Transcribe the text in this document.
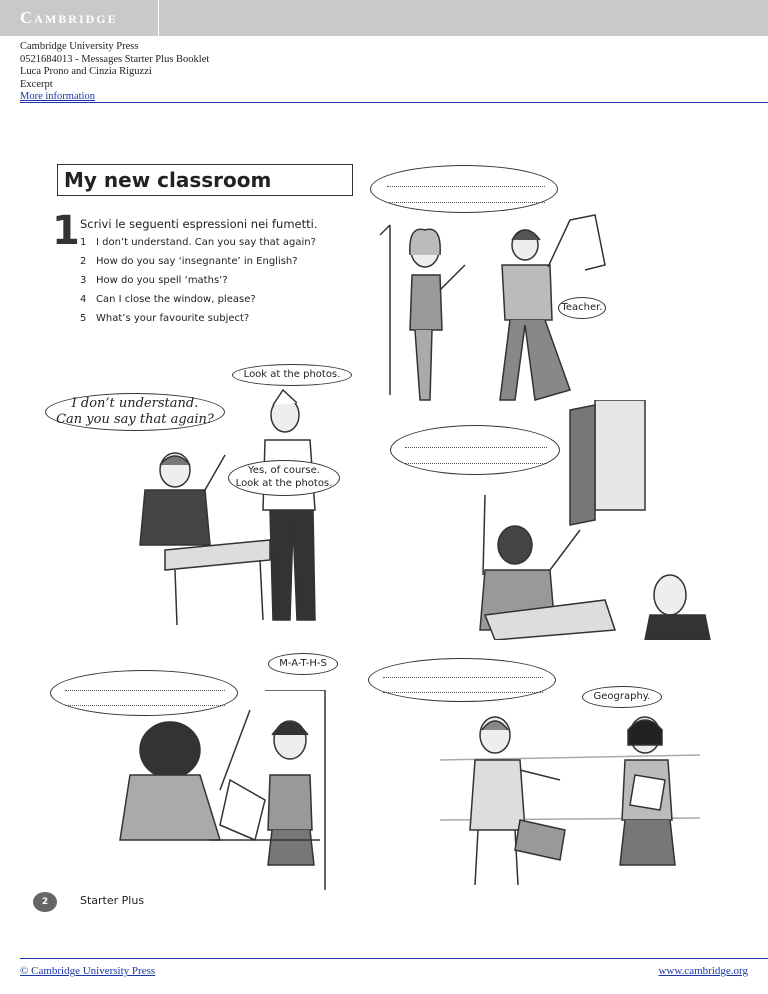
Cambridge
Cambridge University Press
0521684013 - Messages Starter Plus Booklet
Luca Prono and Cinzia Riguzzi
Excerpt
More information
My new classroom
1 Scrivi le seguenti espressioni nei fumetti.
1 I don’t understand. Can you say that again?
2 How do you say ‘insegnante’ in English?
3 How do you spell ‘maths’?
4 Can I close the window, please?
5 What’s your favourite subject?
Teacher.
I don’t understand.
Can you say that again?
Look at the photos.
Yes, of course.
Look at the photos.
M-A-T-H-S
Geography.
2	Starter Plus
© Cambridge University Press	www.cambridge.org
